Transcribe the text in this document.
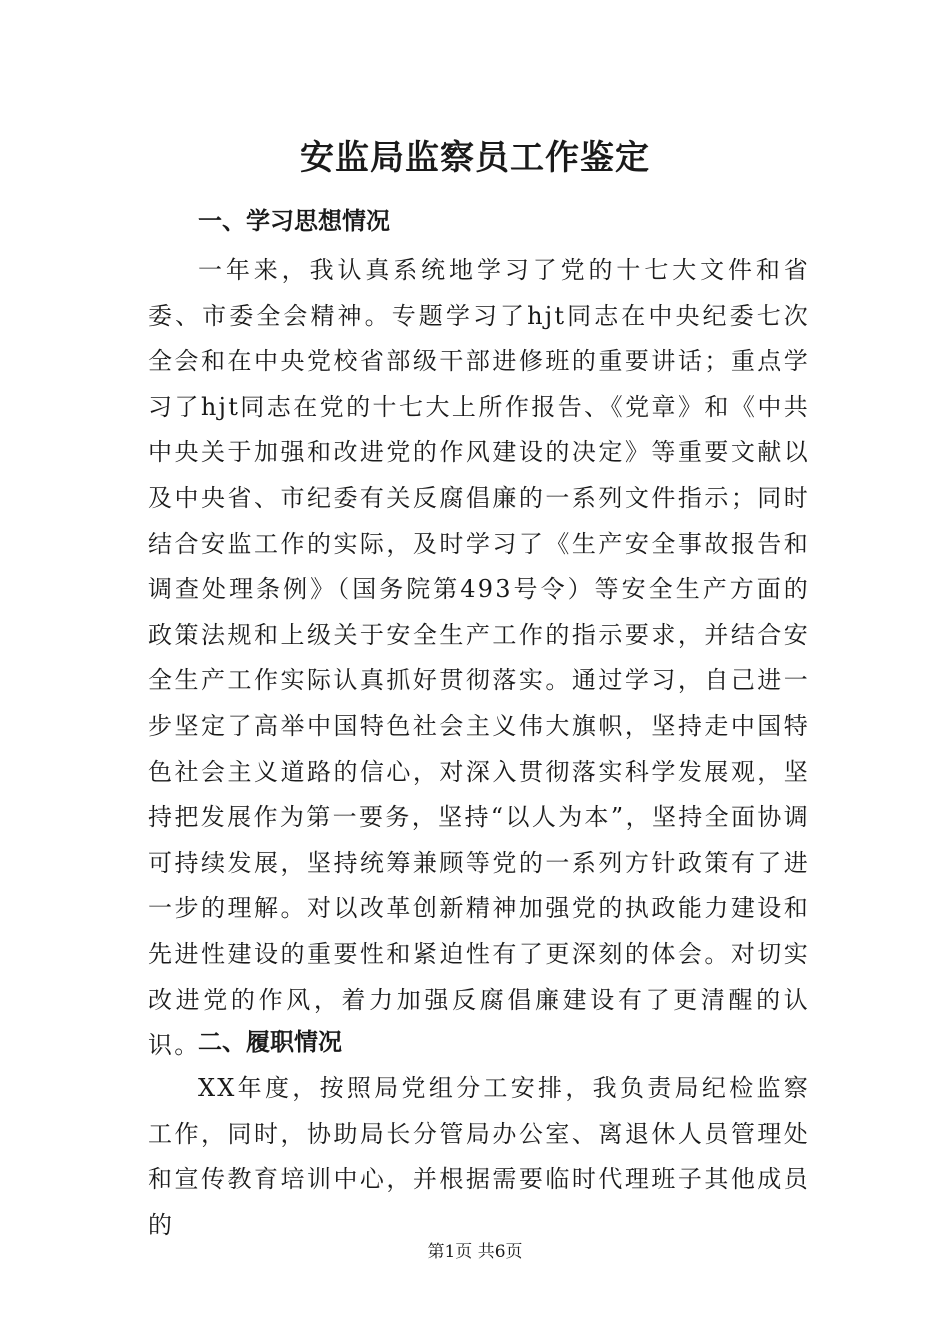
安监局监察员工作鉴定
一、学习思想情况

一年来，我认真系统地学习了党的十七大文件和省委、市委全会精神。专题学习了hjt同志在中央纪委七次全会和在中央党校省部级干部进修班的重要讲话；重点学习了hjt同志在党的十七大上所作报告、《党章》和《中共中央关于加强和改进党的作风建设的决定》等重要文献以及中央省、市纪委有关反腐倡廉的一系列文件指示；同时结合安监工作的实际，及时学习了《生产安全事故报告和调查处理条例》（国务院第493号令）等安全生产方面的政策法规和上级关于安全生产工作的指示要求，并结合安全生产工作实际认真抓好贯彻落实。通过学习，自己进一步坚定了高举中国特色社会主义伟大旗帜，坚持走中国特色社会主义道路的信心，对深入贯彻落实科学发展观，坚持把发展作为第一要务，坚持“以人为本”，坚持全面协调可持续发展，坚持统筹兼顾等党的一系列方针政策有了进一步的理解。对以改革创新精神加强党的执政能力建设和先进性建设的重要性和紧迫性有了更深刻的体会。对切实改进党的作风，着力加强反腐倡廉建设有了更清醒的认识。

二、履职情况

XX年度，按照局党组分工安排，我负责局纪检监察工作，同时，协助局长分管局办公室、离退休人员管理处和宣传教育培训中心，并根据需要临时代理班子其他成员的

第1页 共6页
